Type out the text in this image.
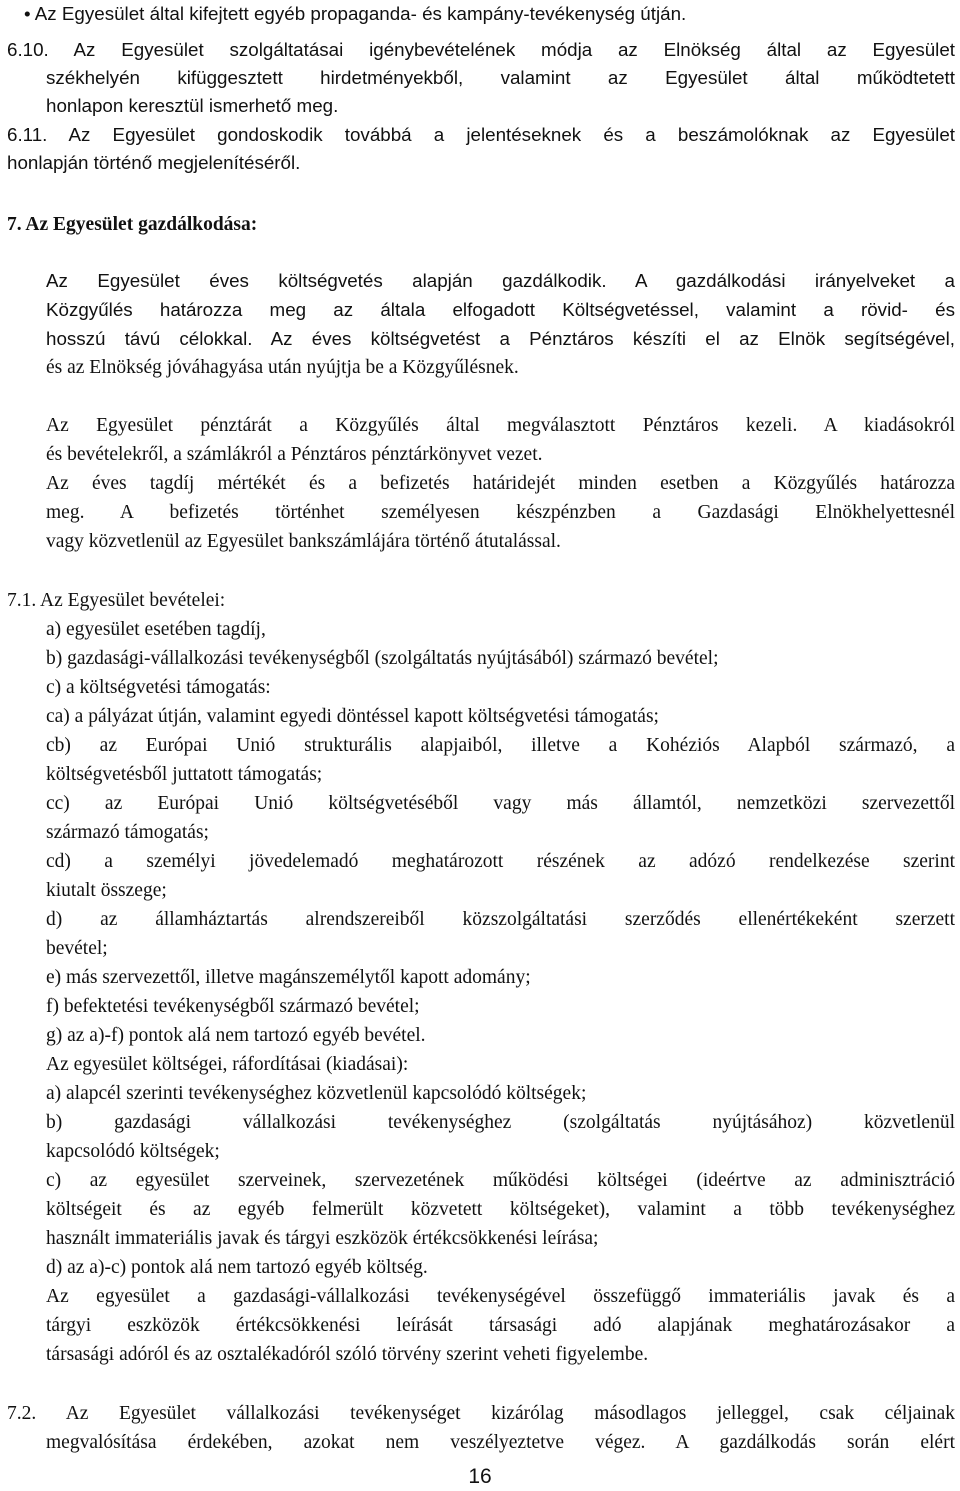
• Az Egyesület által kifejtett egyéb propaganda- és kampány-tevékenység útján.
6.10. Az Egyesület szolgáltatásai igénybevételének módja az Elnökség által az Egyesület
székhelyén kifüggesztett hirdetményekből, valamint az Egyesület által működtetett
honlapon keresztül ismerhető meg.
6.11. Az Egyesület gondoskodik továbbá a jelentéseknek és a beszámolóknak az Egyesület
honlapján történő megjelenítéséről.
7. Az Egyesület gazdálkodása:
Az Egyesület éves költségvetés alapján gazdálkodik. A gazdálkodási irányelveket a
Közgyűlés határozza meg az általa elfogadott Költségvetéssel, valamint a rövid- és
hosszú távú célokkal. Az éves költségvetést a Pénztáros készíti el az Elnök segítségével,
és az Elnökség jóváhagyása után nyújtja be a Közgyűlésnek.
Az Egyesület pénztárát a Közgyűlés által megválasztott Pénztáros kezeli. A kiadásokról
és bevételekről, a számlákról a Pénztáros pénztárkönyvet vezet.
Az éves tagdíj mértékét és a befizetés határidejét minden esetben a Közgyűlés határozza
meg. A befizetés történhet személyesen készpénzben a Gazdasági Elnökhelyettesnél
vagy közvetlenül az Egyesület bankszámlájára történő átutalással.
7.1. Az Egyesület bevételei:
a) egyesület esetében tagdíj,
b) gazdasági-vállalkozási tevékenységből (szolgáltatás nyújtásából) származó bevétel;
c) a költségvetési támogatás:
ca) a pályázat útján, valamint egyedi döntéssel kapott költségvetési támogatás;
cb) az Európai Unió strukturális alapjaiból, illetve a Kohéziós Alapból származó, a
költségvetésből juttatott támogatás;
cc) az Európai Unió költségvetéséből vagy más államtól, nemzetközi szervezettől
származó támogatás;
cd) a személyi jövedelemadó meghatározott részének az adózó rendelkezése szerint
kiutalt összege;
d) az államháztartás alrendszereiből közszolgáltatási szerződés ellenértékeként szerzett
bevétel;
e) más szervezettől, illetve magánszemélytől kapott adomány;
f) befektetési tevékenységből származó bevétel;
g) az a)-f) pontok alá nem tartozó egyéb bevétel.
Az egyesület költségei, ráfordításai (kiadásai):
a) alapcél szerinti tevékenységhez közvetlenül kapcsolódó költségek;
b) gazdasági vállalkozási tevékenységhez (szolgáltatás nyújtásához) közvetlenül
kapcsolódó költségek;
c) az egyesület szerveinek, szervezetének működési költségei (ideértve az adminisztráció
költségeit és az egyéb felmerült közvetett költségeket), valamint a több tevékenységhez
használt immateriális javak és tárgyi eszközök értékcsökkenési leírása;
d) az a)-c) pontok alá nem tartozó egyéb költség.
Az egyesület a gazdasági-vállalkozási tevékenységével összefüggő immateriális javak és a
tárgyi eszközök értékcsökkenési leírását társasági adó alapjának meghatározásakor a
társasági adóról és az osztalékadóról szóló törvény szerint veheti figyelembe.
7.2. Az Egyesület vállalkozási tevékenységet kizárólag másodlagos jelleggel, csak céljainak
megvalósítása érdekében, azokat nem veszélyeztetve végez. A gazdálkodás során elért
16
